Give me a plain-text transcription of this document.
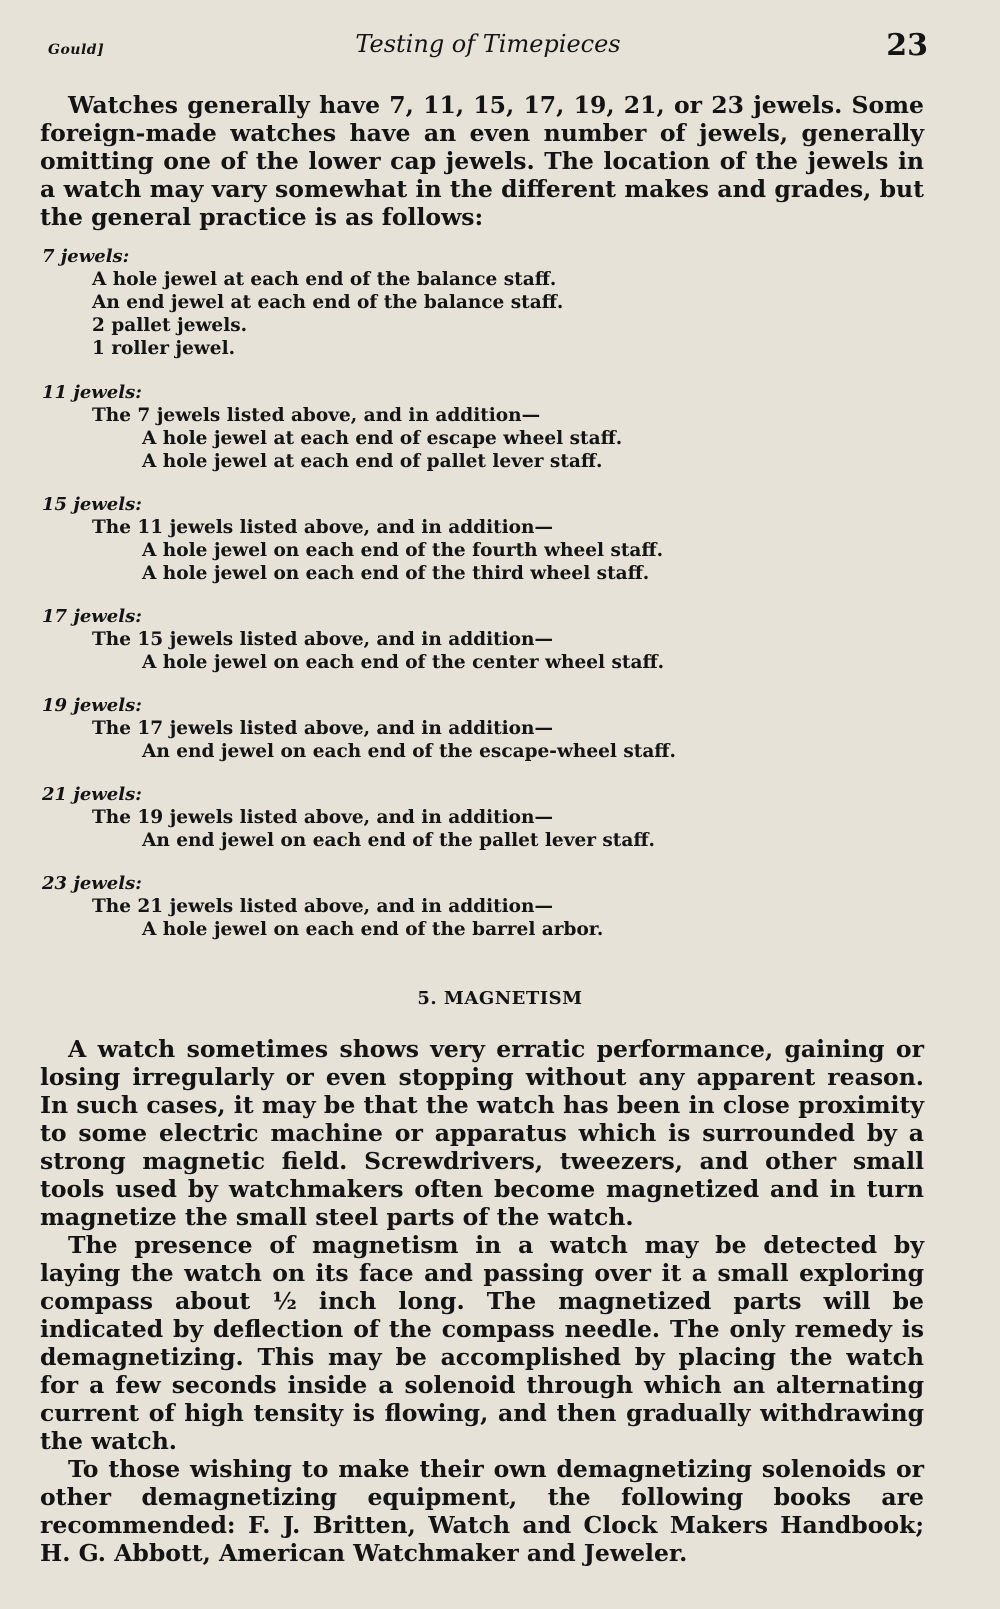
Gould]	Testing of Timepieces	23

Watches generally have 7, 11, 15, 17, 19, 21, or 23 jewels. Some foreign-made watches have an even number of jewels, generally omitting one of the lower cap jewels. The location of the jewels in a watch may vary somewhat in the different makes and grades, but the general practice is as follows:

7 jewels:
A hole jewel at each end of the balance staff.
An end jewel at each end of the balance staff.
2 pallet jewels.
1 roller jewel.
11 jewels:
The 7 jewels listed above, and in addition—
A hole jewel at each end of escape wheel staff.
A hole jewel at each end of pallet lever staff.
15 jewels:
The 11 jewels listed above, and in addition—
A hole jewel on each end of the fourth wheel staff.
A hole jewel on each end of the third wheel staff.
17 jewels:
The 15 jewels listed above, and in addition—
A hole jewel on each end of the center wheel staff.
19 jewels:
The 17 jewels listed above, and in addition—
An end jewel on each end of the escape-wheel staff.
21 jewels:
The 19 jewels listed above, and in addition—
An end jewel on each end of the pallet lever staff.
23 jewels:
The 21 jewels listed above, and in addition—
A hole jewel on each end of the barrel arbor.
5. MAGNETISM

A watch sometimes shows very erratic performance, gaining or losing irregularly or even stopping without any apparent reason. In such cases, it may be that the watch has been in close proximity to some electric machine or apparatus which is surrounded by a strong magnetic field. Screwdrivers, tweezers, and other small tools used by watchmakers often become magnetized and in turn magnetize the small steel parts of the watch.

The presence of magnetism in a watch may be detected by laying the watch on its face and passing over it a small exploring compass about ½ inch long. The magnetized parts will be indicated by deflection of the compass needle. The only remedy is demagnetizing. This may be accomplished by placing the watch for a few seconds inside a solenoid through which an alternating current of high tensity is flowing, and then gradually withdrawing the watch.

To those wishing to make their own demagnetizing solenoids or other demagnetizing equipment, the following books are recommended: F. J. Britten, Watch and Clock Makers Handbook; H. G. Abbott, American Watchmaker and Jeweler.
